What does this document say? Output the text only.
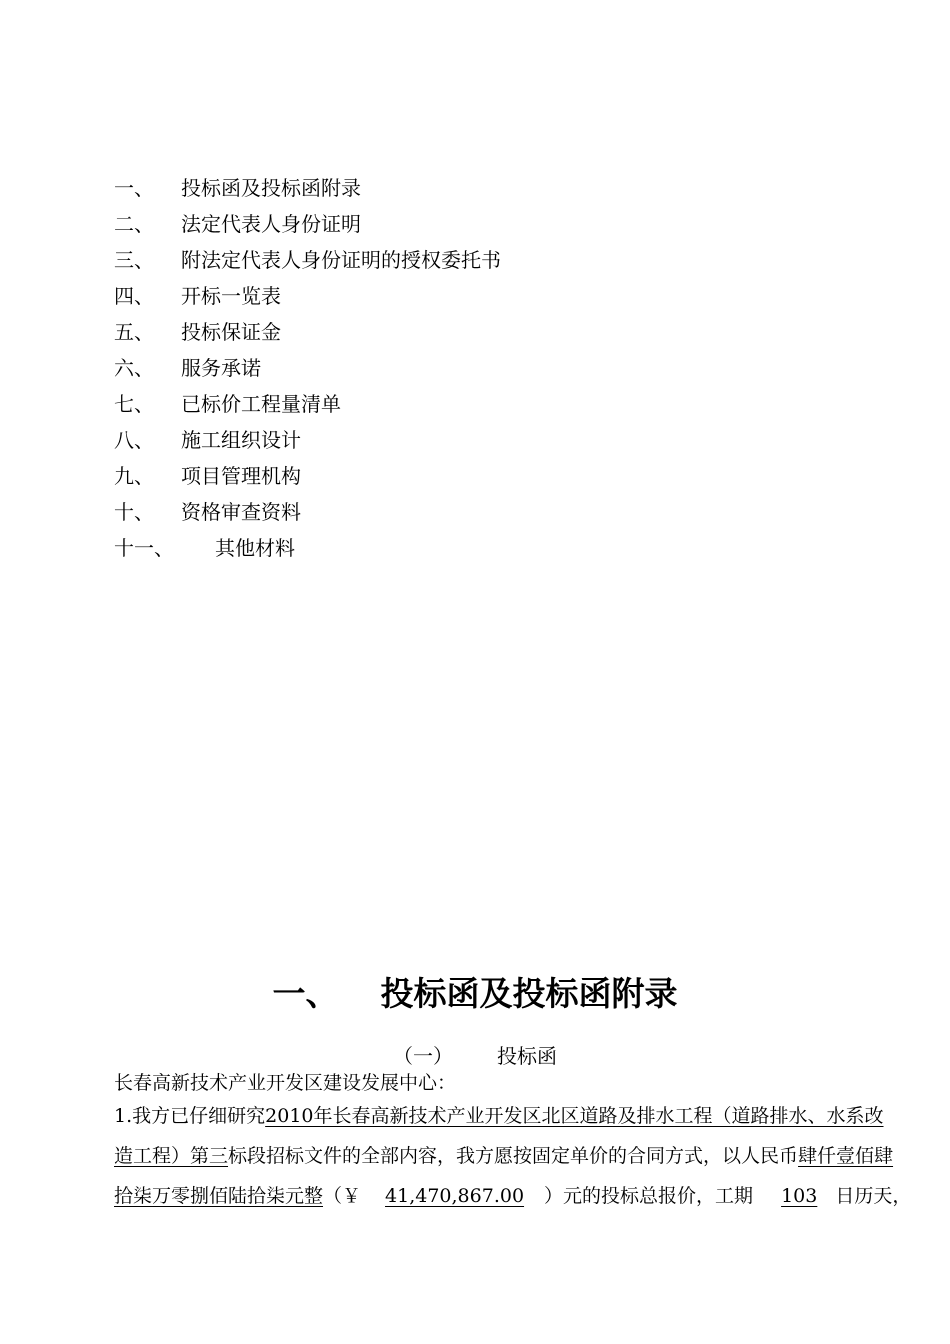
一、	投标函及投标函附录
二、	法定代表人身份证明
三、	附法定代表人身份证明的授权委托书
四、	开标一览表
五、	投标保证金
六、	服务承诺
七、	已标价工程量清单
八、	施工组织设计
九、	项目管理机构
十、	资格审查资料
十一、	其他材料
一、 投标函及投标函附录
（一） 投标函
长春高新技术产业开发区建设发展中心：
1.我方已仔细研究2010年长春高新技术产业开发区北区道路及排水工程（道路排水、水系改
造工程）第三标段招标文件的全部内容，我方愿按固定单价的合同方式，以人民币肆仟壹佰肆
拾柒万零捌佰陆拾柒元整（￥ 41,470,867.00 ）元的投标总报价，工期 103 日历天，
